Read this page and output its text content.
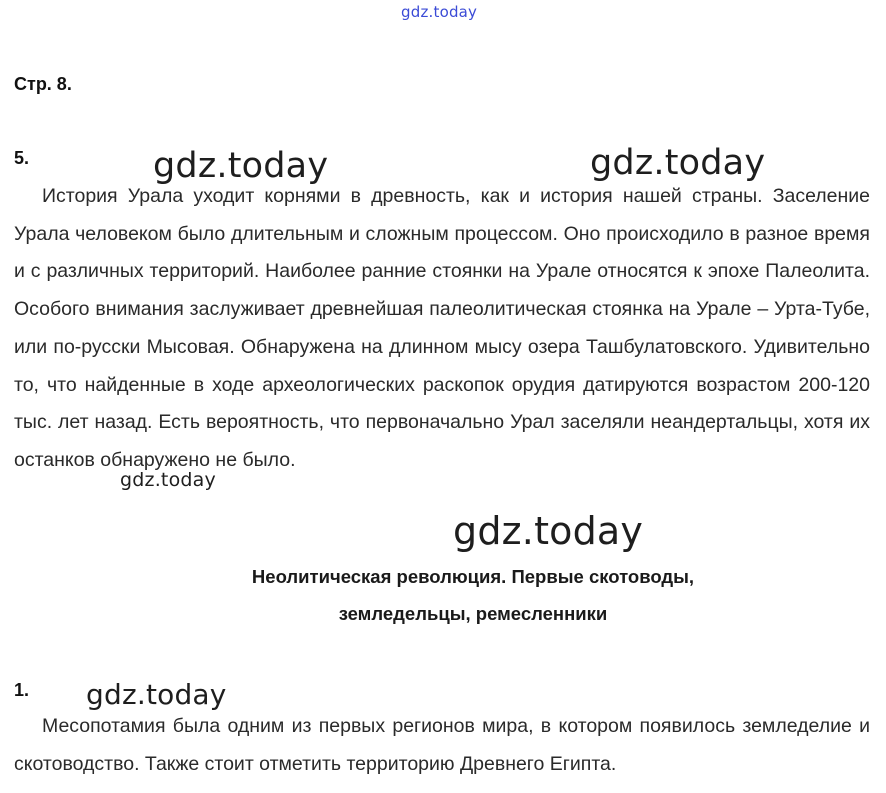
gdz.today
Стр. 8.
5.	gdz.today	gdz.today
История Урала уходит корнями в древность, как и история нашей страны. Заселение Урала человеком было длительным и сложным процессом. Оно происходило в разное время и с различных территорий. Наиболее ранние стоянки на Урале относятся к эпохе Палеолита. Особого внимания заслуживает древнейшая палеолитическая стоянка на Урале – Урта-Тубе, или по-русски Мысовая. Обнаружена на длинном мысу озера Ташбулатовского. Удивительно то, что найденные в ходе археологических раскопок орудия датируются возрастом 200-120 тыс. лет назад. Есть вероятность, что первоначально Урал заселяли неандертальцы, хотя их останков обнаружено не было.
gdz.today
gdz.today
Неолитическая революция. Первые скотоводы,
земледельцы, ремесленники
1. gdz.today
Месопотамия была одним из первых регионов мира, в котором появилось земледелие и скотоводство. Также стоит отметить территорию Древнего Египта.
